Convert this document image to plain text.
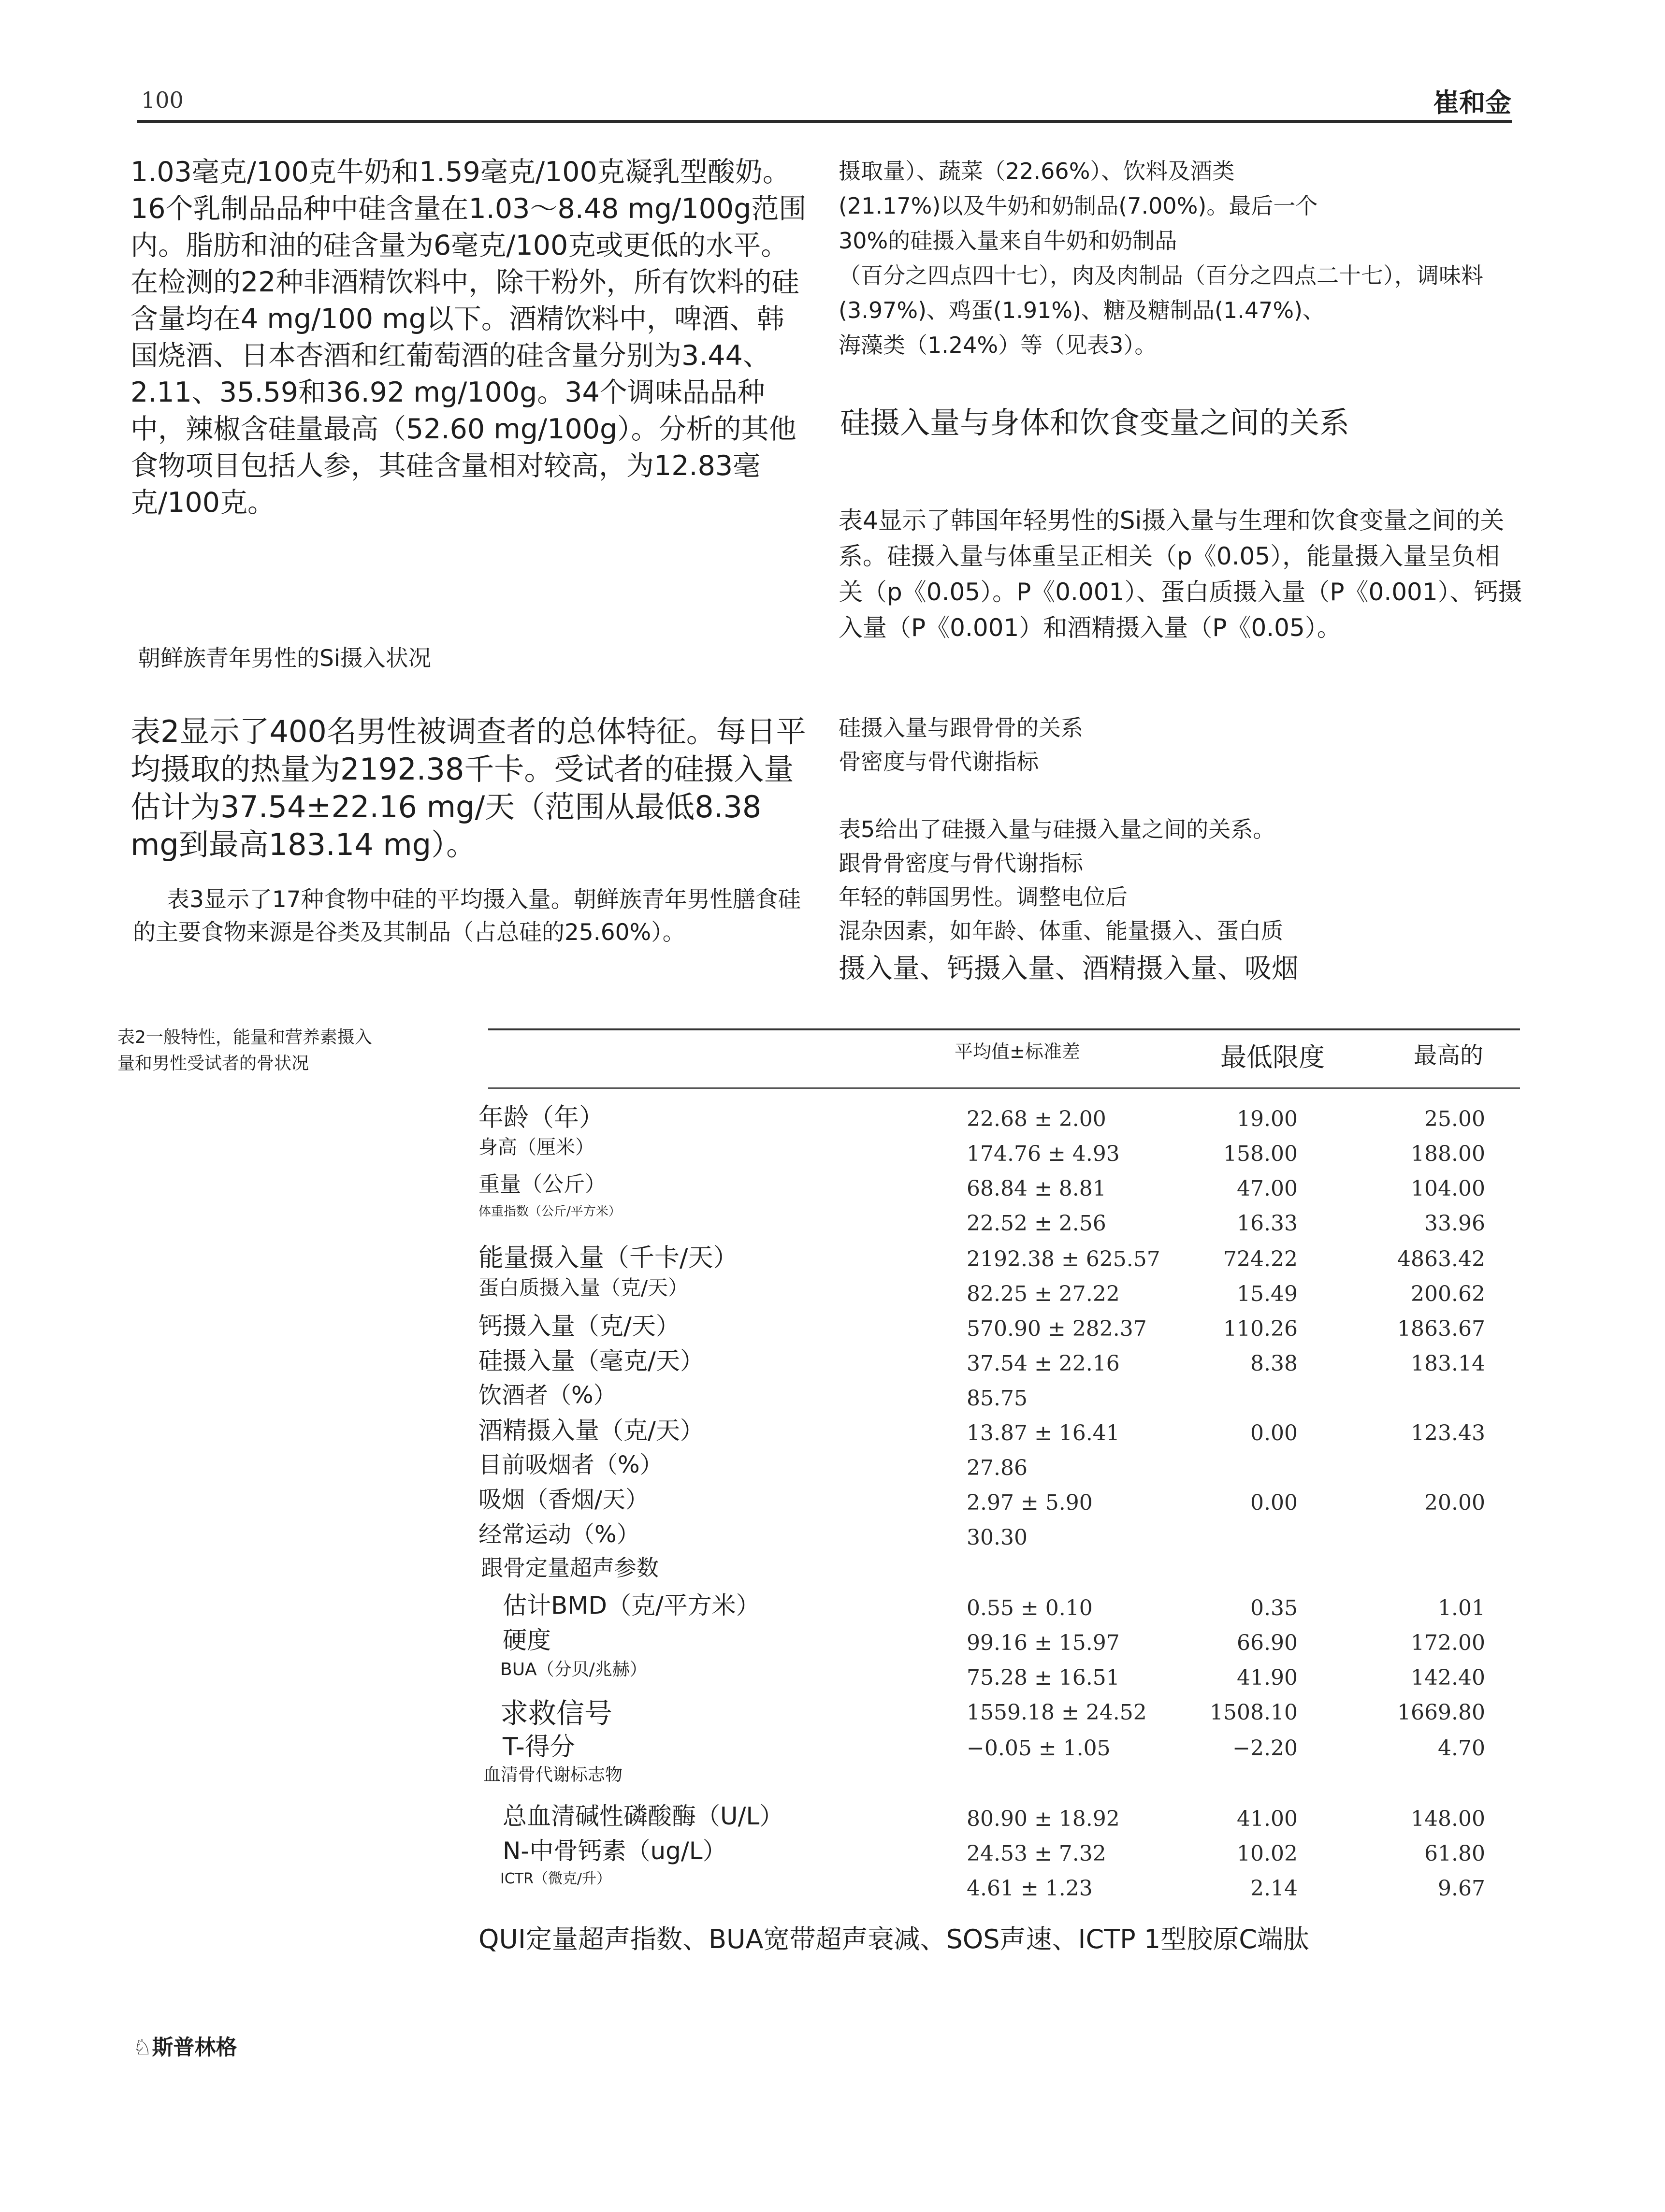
100	崔和金
1.03毫克/100克牛奶和1.59毫克/100克凝乳型酸奶。16个乳制品品种中硅含量在1.03～8.48 mg/100g范围内。脂肪和油的硅含量为6毫克/100克或更低的水平。在检测的22种非酒精饮料中，除干粉外，所有饮料的硅含量均在4 mg/100 mg以下。酒精饮料中，啤酒、韩国烧酒、日本杏酒和红葡萄酒的硅含量分别为3.44、2.11、35.59和36.92 mg/100g。34个调味品品种中，辣椒含硅量最高（52.60 mg/100g）。分析的其他食物项目包括人参，其硅含量相对较高，为12.83毫克/100克。
朝鲜族青年男性的Si摄入状况
表2显示了400名男性被调查者的总体特征。每日平均摄取的热量为2192.38千卡。受试者的硅摄入量估计为37.54±22.16 mg/天（范围从最低8.38 mg到最高183.14 mg）。
表3显示了17种食物中硅的平均摄入量。朝鲜族青年男性膳食硅的主要食物来源是谷类及其制品（占总硅的25.60%）。
摄取量）、蔬菜（22.66%）、饮料及酒类
(21.17%)以及牛奶和奶制品(7.00%)。最后一个
30%的硅摄入量来自牛奶和奶制品
（百分之四点四十七），肉及肉制品（百分之四点二十七），调味料
(3.97%)、鸡蛋(1.91%)、糖及糖制品(1.47%)、
海藻类（1.24%）等（见表3）。
硅摄入量与身体和饮食变量之间的关系
表4显示了韩国年轻男性的Si摄入量与生理和饮食变量之间的关系。硅摄入量与体重呈正相关（p《0.05），能量摄入量呈负相关（p《0.05）。P《0.001）、蛋白质摄入量（P《0.001）、钙摄入量（P《0.001）和酒精摄入量（P《0.05）。
硅摄入量与跟骨骨的关系
骨密度与骨代谢指标
表5给出了硅摄入量与硅摄入量之间的关系。
跟骨骨密度与骨代谢指标
年轻的韩国男性。调整电位后
混杂因素，如年龄、体重、能量摄入、蛋白质
摄入量、钙摄入量、酒精摄入量、吸烟
表2一般特性，能量和营养素摄入量和男性受试者的骨状况
平均值±标准差	最低限度	最高的
年龄（年）	22.68 ± 2.00	19.00	25.00
身高（厘米）	174.76 ± 4.93	158.00	188.00
重量（公斤）	68.84 ± 8.81	47.00	104.00
体重指数（公斤/平方米）	22.52 ± 2.56	16.33	33.96
能量摄入量（千卡/天）	2192.38 ± 625.57	724.22	4863.42
蛋白质摄入量（克/天）	82.25 ± 27.22	15.49	200.62
钙摄入量（克/天）	570.90 ± 282.37	110.26	1863.67
硅摄入量（毫克/天）	37.54 ± 22.16	8.38	183.14
饮酒者（%）	85.75
酒精摄入量（克/天）	13.87 ± 16.41	0.00	123.43
目前吸烟者（%）	27.86
吸烟（香烟/天）	2.97 ± 5.90	0.00	20.00
经常运动（%）	30.30
跟骨定量超声参数
估计BMD（克/平方米）	0.55 ± 0.10	0.35	1.01
硬度	99.16 ± 15.97	66.90	172.00
BUA（分贝/兆赫）	75.28 ± 16.51	41.90	142.40
求救信号	1559.18 ± 24.52	1508.10	1669.80
T-得分	−0.05 ± 1.05	−2.20	4.70
血清骨代谢标志物
总血清碱性磷酸酶（U/L）	80.90 ± 18.92	41.00	148.00
N-中骨钙素（ug/L）	24.53 ± 7.32	10.02	61.80
ICTR（微克/升）	4.61 ± 1.23	2.14	9.67
QUI定量超声指数、BUA宽带超声衰减、SOS声速、ICTP 1型胶原C端肽
♘斯普林格
